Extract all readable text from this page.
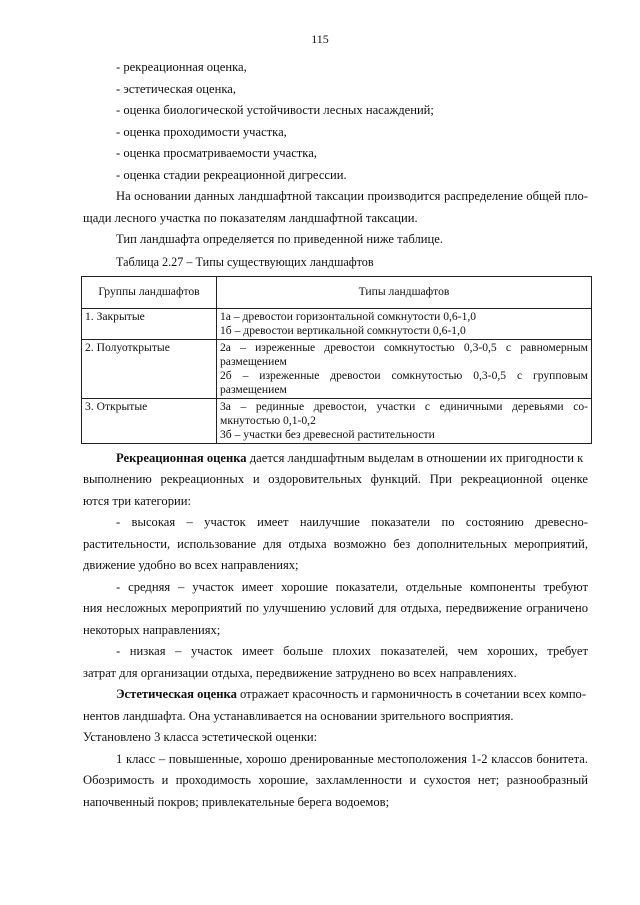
115
- рекреационная оценка,
- эстетическая оценка,
- оценка биологической устойчивости лесных насаждений;
- оценка проходимости участка,
- оценка просматриваемости участка,
- оценка стадии рекреационной дигрессии.
На основании данных ландшафтной таксации производится распределение общей пло-
щади лесного участка по показателям ландшафтной таксации.
Тип ландшафта определяется по приведенной ниже таблице.
Таблица 2.27 – Типы существующих ландшафтов
Группы ландшафтов	Типы ландшафтов
1. Закрытые	1а – древостои горизонтальной сомкнутости 0,6-1,0
1б – древостои вертикальной сомкнутости 0,6-1,0

2. Полуоткрытые	2а – изреженные древостои сомкнутостью 0,3-0,5 с равномерным
размещением
2б – изреженные древостои сомкнутостью 0,3-0,5 с групповым
размещением

3. Открытые	3а – рединные древостои, участки с единичными деревьями со-
мкнутостью 0,1-0,2
3б – участки без древесной растительности
Рекреационная оценка дается ландшафтным выделам в отношении их пригодности к
выполнению рекреационных и оздоровительных функций. При рекреационной оценке
ются три категории:
- высокая – участок имеет наилучшие показатели по состоянию древесно-
растительности, использование для отдыха возможно без дополнительных мероприятий,
движение удобно во всех направлениях;
- средняя – участок имеет хорошие показатели, отдельные компоненты требуют
ния несложных мероприятий по улучшению условий для отдыха, передвижение ограничено
некоторых направлениях;
- низкая – участок имеет больше плохих показателей, чем хороших, требует
затрат для организации отдыха, передвижение затруднено во всех направлениях.
Эстетическая оценка отражает красочность и гармоничность в сочетании всех компо-
нентов ландшафта. Она устанавливается на основании зрительного восприятия.
Установлено 3 класса эстетической оценки:
1 класс – повышенные, хорошо дренированные местоположения 1-2 классов бонитета.
Обозримость и проходимость хорошие, захламленности и сухостоя нет; разнообразный
напочвенный покров; привлекательные берега водоемов;
